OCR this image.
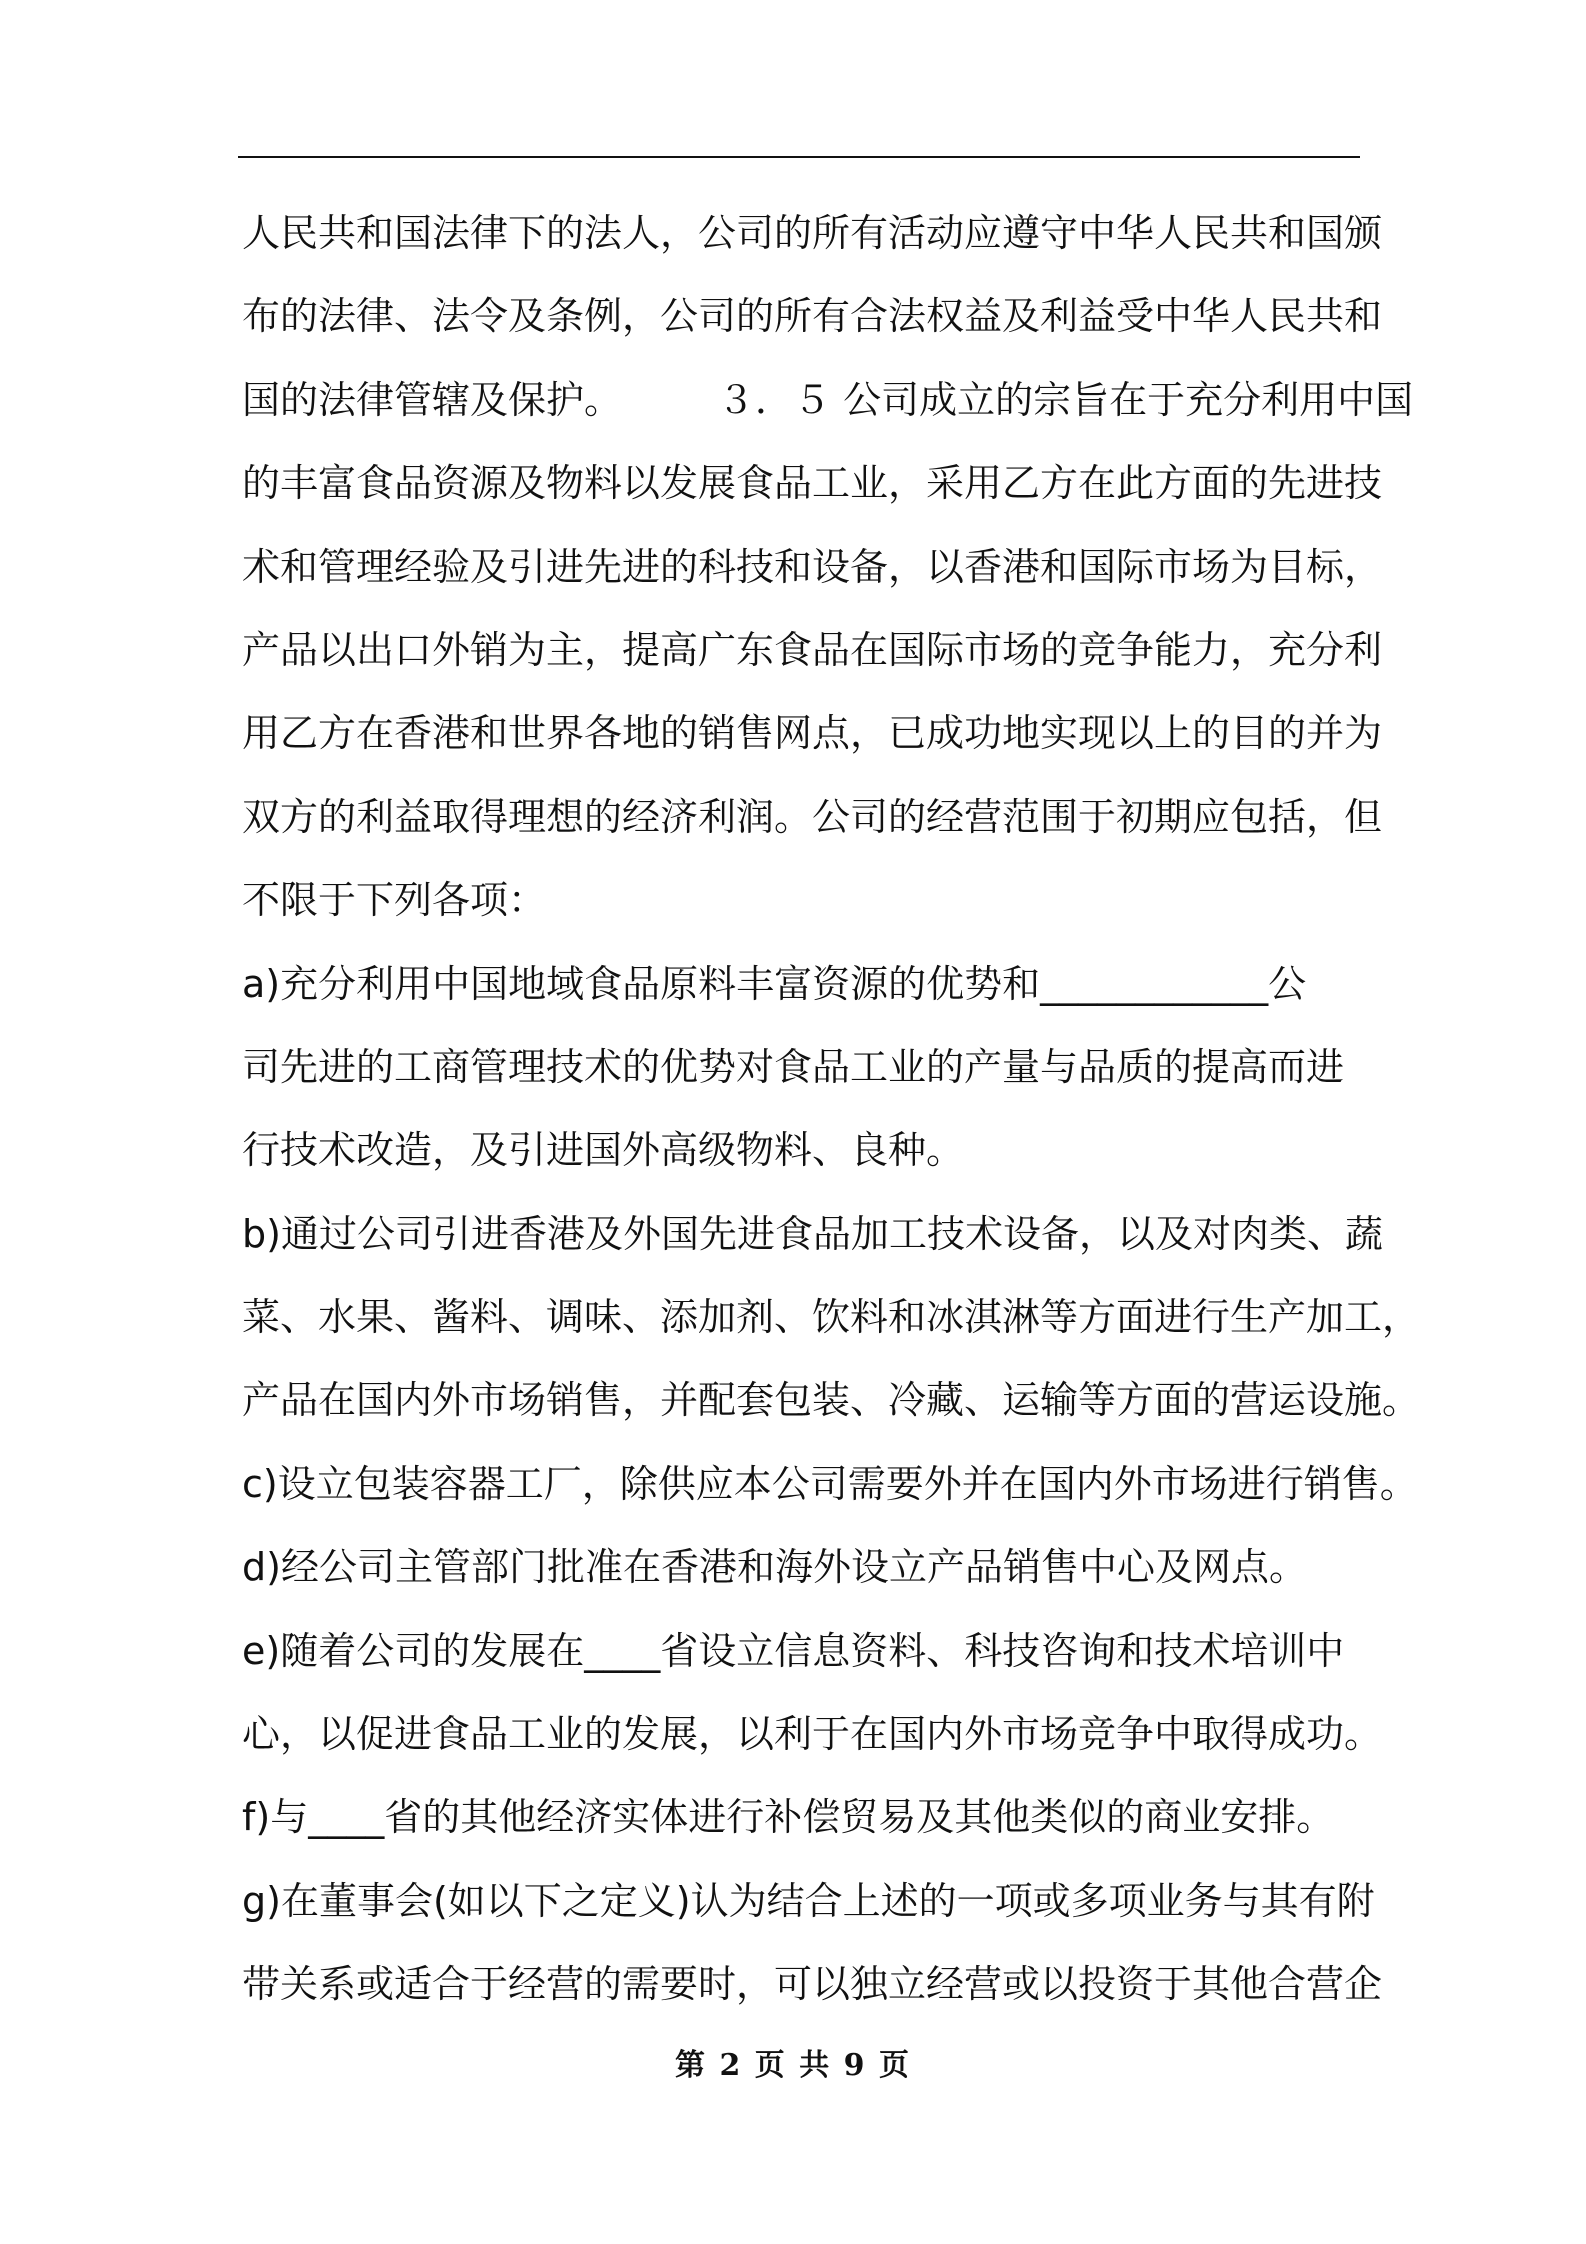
人民共和国法律下的法人，公司的所有活动应遵守中华人民共和国颁
布的法律、法令及条例，公司的所有合法权益及利益受中华人民共和
国的法律管辖及保护。　　　３．５ 公司成立的宗旨在于充分利用中国
的丰富食品资源及物料以发展食品工业，采用乙方在此方面的先进技
术和管理经验及引进先进的科技和设备，以香港和国际市场为目标，
产品以出口外销为主，提高广东食品在国际市场的竞争能力，充分利
用乙方在香港和世界各地的销售网点，已成功地实现以上的目的并为
双方的利益取得理想的经济利润。公司的经营范围于初期应包括，但
不限于下列各项：
a)充分利用中国地域食品原料丰富资源的优势和____________公
司先进的工商管理技术的优势对食品工业的产量与品质的提高而进
行技术改造，及引进国外高级物料、良种。
b)通过公司引进香港及外国先进食品加工技术设备，以及对肉类、蔬
菜、水果、酱料、调味、添加剂、饮料和冰淇淋等方面进行生产加工，
产品在国内外市场销售，并配套包装、冷藏、运输等方面的营运设施。
c)设立包装容器工厂，除供应本公司需要外并在国内外市场进行销售。
d)经公司主管部门批准在香港和海外设立产品销售中心及网点。
e)随着公司的发展在____省设立信息资料、科技咨询和技术培训中
心，以促进食品工业的发展，以利于在国内外市场竞争中取得成功。
f)与____省的其他经济实体进行补偿贸易及其他类似的商业安排。
g)在董事会(如以下之定义)认为结合上述的一项或多项业务与其有附
带关系或适合于经营的需要时，可以独立经营或以投资于其他合营企
第 2 页 共 9 页
